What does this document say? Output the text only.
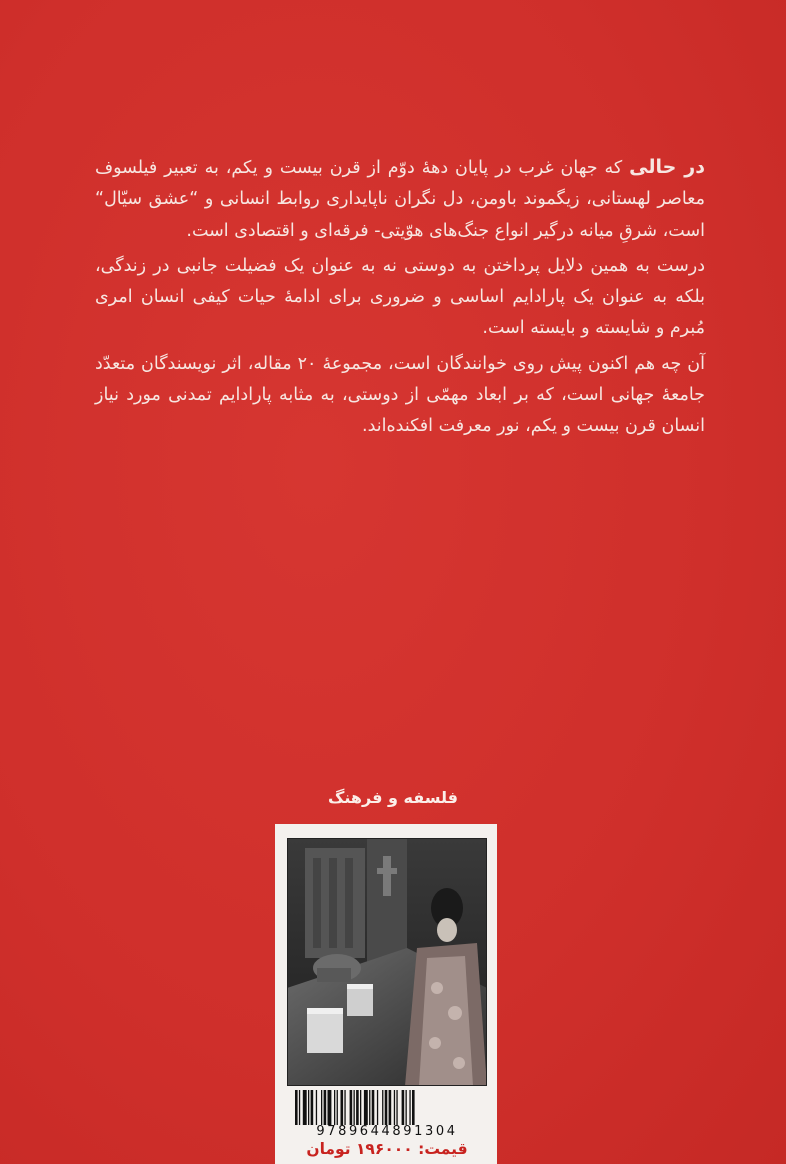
در حالی که جهان غرب در پایان دهۀ دوّم از قرن بیست و یکم، به تعبیر فیلسوف معاصر لهستانی، زیگموند باومن، دل نگران ناپایداری روابط انسانی و “عشق سیّال“ است، شرقِ میانه درگیر انواع جنگ‌های هوّیتی- فرقه‌ای و اقتصادی است.

درست به همین دلایل پرداختن به دوستی نه به عنوان یک فضیلت جانبی در زندگی، بلکه به عنوان یک پارادایم اساسی و ضروری برای ادامۀ حیات کیفی انسان امری مُبرم و شایسته و بایسته است.

آن چه هم اکنون پیش روی خوانندگان است، مجموعۀ ۲۰ مقاله، اثر نویسندگان متعدّد جامعۀ جهانی است، که بر ابعاد مهمّی از دوستی، به مثابه پارادایم تمدنی مورد نیاز انسان قرن بیست و یکم، نور معرفت افکنده‌اند.

فلسفه و فرهنگ
9789644891304
قیمت: ۱۹۶۰۰۰ تومان
